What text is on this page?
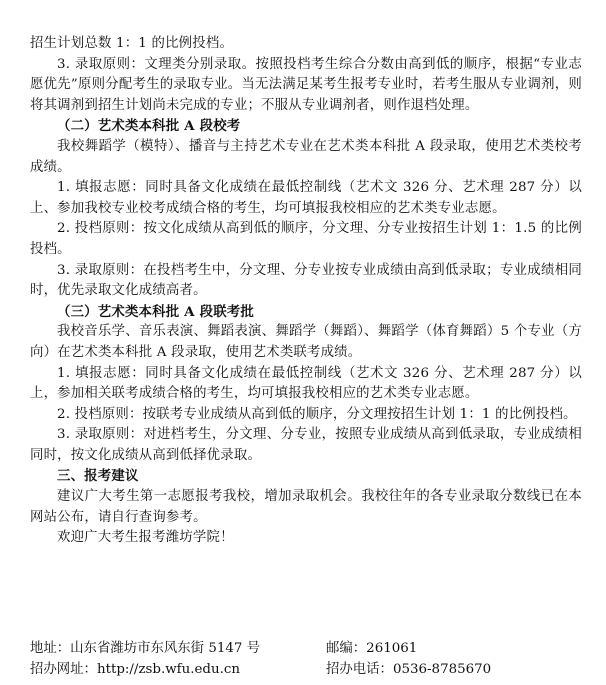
招生计划总数 1：1 的比例投档。

3. 录取原则：文理类分别录取。按照投档考生综合分数由高到低的顺序，根据“专业志愿优先”原则分配考生的录取专业。当无法满足某考生报考专业时，若考生服从专业调剂，则将其调剂到招生计划尚未完成的专业；不服从专业调剂者，则作退档处理。

（二）艺术类本科批 A 段校考

我校舞蹈学（模特）、播音与主持艺术专业在艺术类本科批 A 段录取，使用艺术类校考成绩。

1. 填报志愿：同时具备文化成绩在最低控制线（艺术文 326 分、艺术理 287 分）以上、参加我校专业校考成绩合格的考生，均可填报我校相应的艺术类专业志愿。

2. 投档原则：按文化成绩从高到低的顺序，分文理、分专业按招生计划 1：1.5 的比例投档。

3. 录取原则：在投档考生中，分文理、分专业按专业成绩由高到低录取；专业成绩相同时，优先录取文化成绩高者。

（三）艺术类本科批 A 段联考批

我校音乐学、音乐表演、舞蹈表演、舞蹈学（舞蹈）、舞蹈学（体育舞蹈）5 个专业（方向）在艺术类本科批 A 段录取，使用艺术类联考成绩。

1. 填报志愿：同时具备文化成绩在最低控制线（艺术文 326 分、艺术理 287 分）以上，参加相关联考成绩合格的考生，均可填报我校相应的艺术类专业志愿。

2. 投档原则：按联考专业成绩从高到低的顺序，分文理按招生计划 1：1 的比例投档。

3. 录取原则：对进档考生，分文理、分专业，按照专业成绩从高到低录取，专业成绩相同时，按文化成绩从高到低择优录取。

三、报考建议

建议广大考生第一志愿报考我校，增加录取机会。我校往年的各专业录取分数线已在本网站公布，请自行查询参考。

欢迎广大考生报考潍坊学院！

地址：山东省潍坊市东风东街 5147 号	邮编：261061
招办网址：http://zsb.wfu.edu.cn	招办电话：0536-8785670
